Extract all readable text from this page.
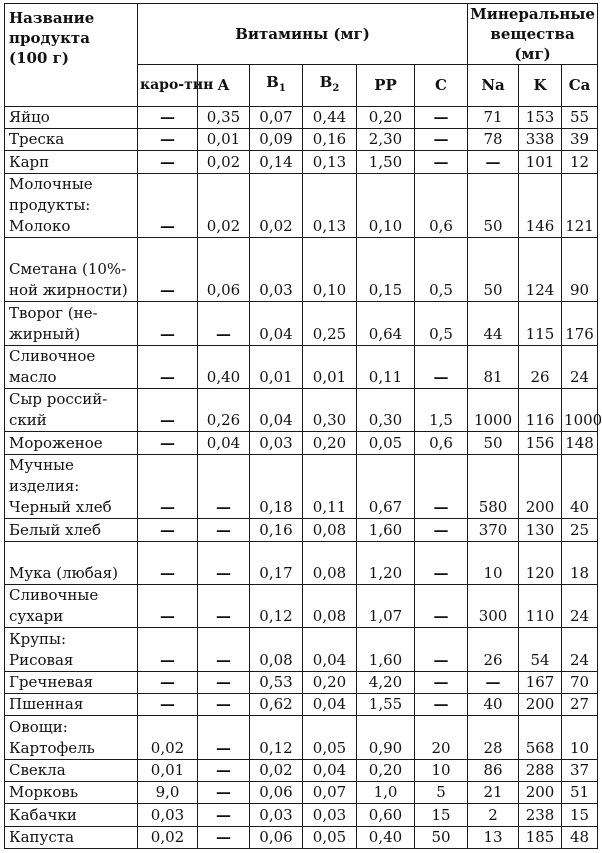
Название продукта (100 г)	Витамины (мг)						Минеральные вещества (мг)		
	каро-тин	A	$B_1$	$B_2$	PP	C	Na	K	Ca
Яйцо	—	0,35	0,07	0,44	0,20	—	71	153	55
Треска	—	0,01	0,09	0,16	2,30	—	78	338	39
Карп	—	0,02	0,14	0,13	1,50	—	—	101	12
Молочные продукты: Молоко	—	0,02	0,02	0,13	0,10	0,6	50	146	121
Сметана (10%-ной жирности)	—	0,06	0,03	0,10	0,15	0,5	50	124	90
Творог (не-жирный)	—	—	0,04	0,25	0,64	0,5	44	115	176
Сливочное масло	—	0,40	0,01	0,01	0,11	—	81	26	24
Сыр россий-ский	—	0,26	0,04	0,30	0,30	1,5	1000	116	1000
Мороженое	—	0,04	0,03	0,20	0,05	0,6	50	156	148
Мучные изделия: Черный хлеб	—	—	0,18	0,11	0,67	—	580	200	40
Белый хлеб	—	—	0,16	0,08	1,60	—	370	130	25
Мука (любая)	—	—	0,17	0,08	1,20	—	10	120	18
Сливочные сухари	—	—	0,12	0,08	1,07	—	300	110	24
Крупы: Рисовая	—	—	0,08	0,04	1,60	—	26	54	24
Гречневая	—	—	0,53	0,20	4,20	—	—	167	70
Пшенная	—	—	0,62	0,04	1,55	—	40	200	27
Овощи: Картофель	0,02	—	0,12	0,05	0,90	20	28	568	10
Свекла	0,01	—	0,02	0,04	0,20	10	86	288	37
Морковь	9,0	—	0,06	0,07	1,0	5	21	200	51
Кабачки	0,03	—	0,03	0,03	0,60	15	2	238	15
Капуста	0,02	—	0,06	0,05	0,40	50	13	185	48
